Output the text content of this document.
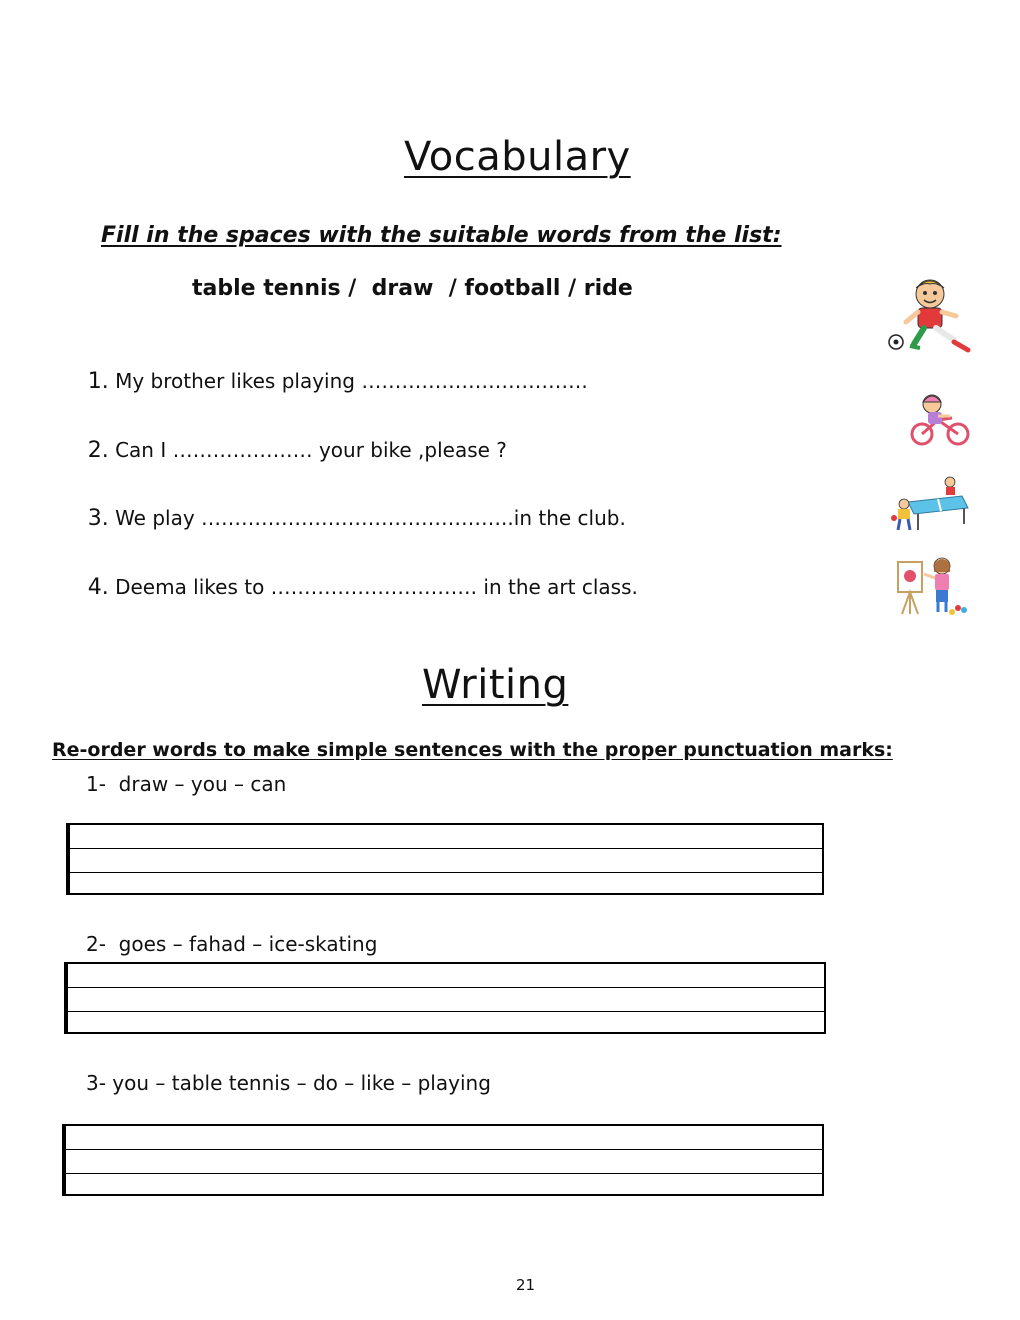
Vocabulary
Fill in the spaces with the suitable words from the list:
table tennis /  draw  / football / ride

1. My brother likes playing …………………………….

2. Can I ………………… your bike ,please ?

3. We play ………………………………………..in the club.

4. Deema likes to …………………………. in the art class.

Writing
Re-order words to make simple sentences with the proper punctuation marks:
1-  draw – you – can
2-  goes – fahad – ice-skating
3- you – table tennis – do – like – playing
21
